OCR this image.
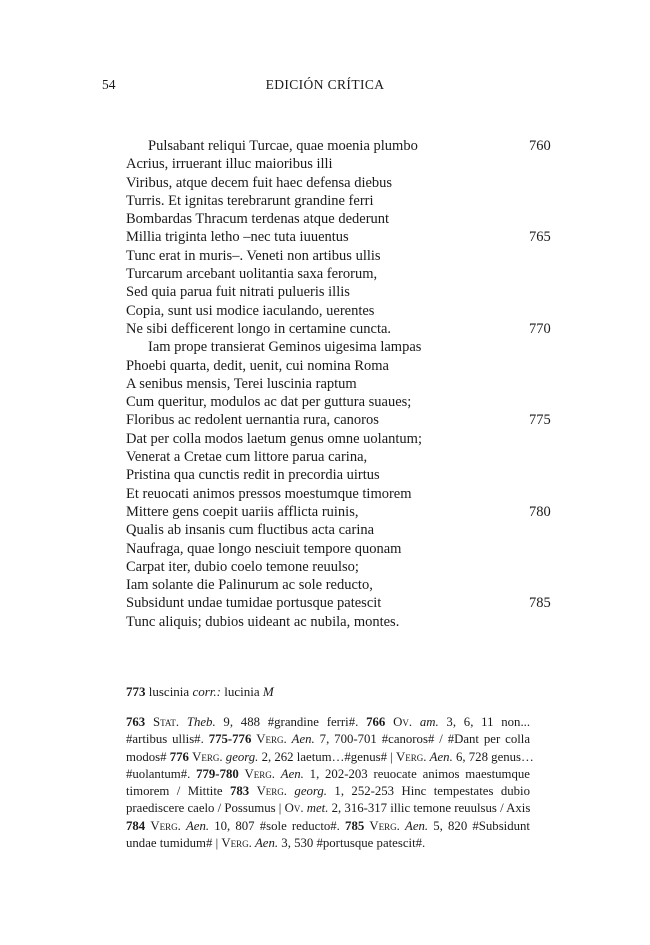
54	EDICIÓN CRÍTICA
Pulsabant reliqui Turcae, quae moenia plumbo	760
Acrius, irruerant illuc maioribus illi
Viribus, atque decem fuit haec defensa diebus
Turris. Et ignitas terebrarunt grandine ferri
Bombardas Thracum terdenas atque dederunt
Millia triginta letho –nec tuta iuuentus	765
Tunc erat in muris–. Veneti non artibus ullis
Turcarum arcebant uolitantia saxa ferorum,
Sed quia parua fuit nitrati pulueris illis
Copia, sunt usi modice iaculando, uerentes
Ne sibi defficerent longo in certamine cuncta.	770
Iam prope transierat Geminos uigesima lampas
Phoebi quarta, dedit, uenit, cui nomina Roma
A senibus mensis, Terei luscinia raptum
Cum queritur, modulos ac dat per guttura suaues;
Floribus ac redolent uernantia rura, canoros	775
Dat per colla modos laetum genus omne uolantum;
Venerat a Cretae cum littore parua carina,
Pristina qua cunctis redit in precordia uirtus
Et reuocati animos pressos moestumque timorem
Mittere gens coepit uariis afflicta ruinis,	780
Qualis ab insanis cum fluctibus acta carina
Naufraga, quae longo nesciuit tempore quonam
Carpat iter, dubio coelo temone reuulso;
Iam solante die Palinurum ac sole reducto,
Subsidunt undae tumidae portusque patescit	785
Tunc aliquis; dubios uideant ac nubila, montes.
773 luscinia corr.: lucinia M
763 Stat. Theb. 9, 488 #grandine ferri#. 766 Ov. am. 3, 6, 11 non...
#artibus ullis#. 775-776 Verg. Aen. 7, 700-701 #canoros# / #Dant per colla
modos# 776 Verg. georg. 2, 262 laetum…#genus# | Verg. Aen. 6, 728 genus…
#uolantum#. 779-780 Verg. Aen. 1, 202-203 reuocate animos maestumque
timorem / Mittite 783 Verg. georg. 1, 252-253 Hinc tempestates dubio
praediscere caelo / Possumus | Ov. met. 2, 316-317 illic temone reuulsus / Axis
784 Verg. Aen. 10, 807 #sole reducto#. 785 Verg. Aen. 5, 820 #Subsidunt
undae tumidum# | Verg. Aen. 3, 530 #portusque patescit#.
